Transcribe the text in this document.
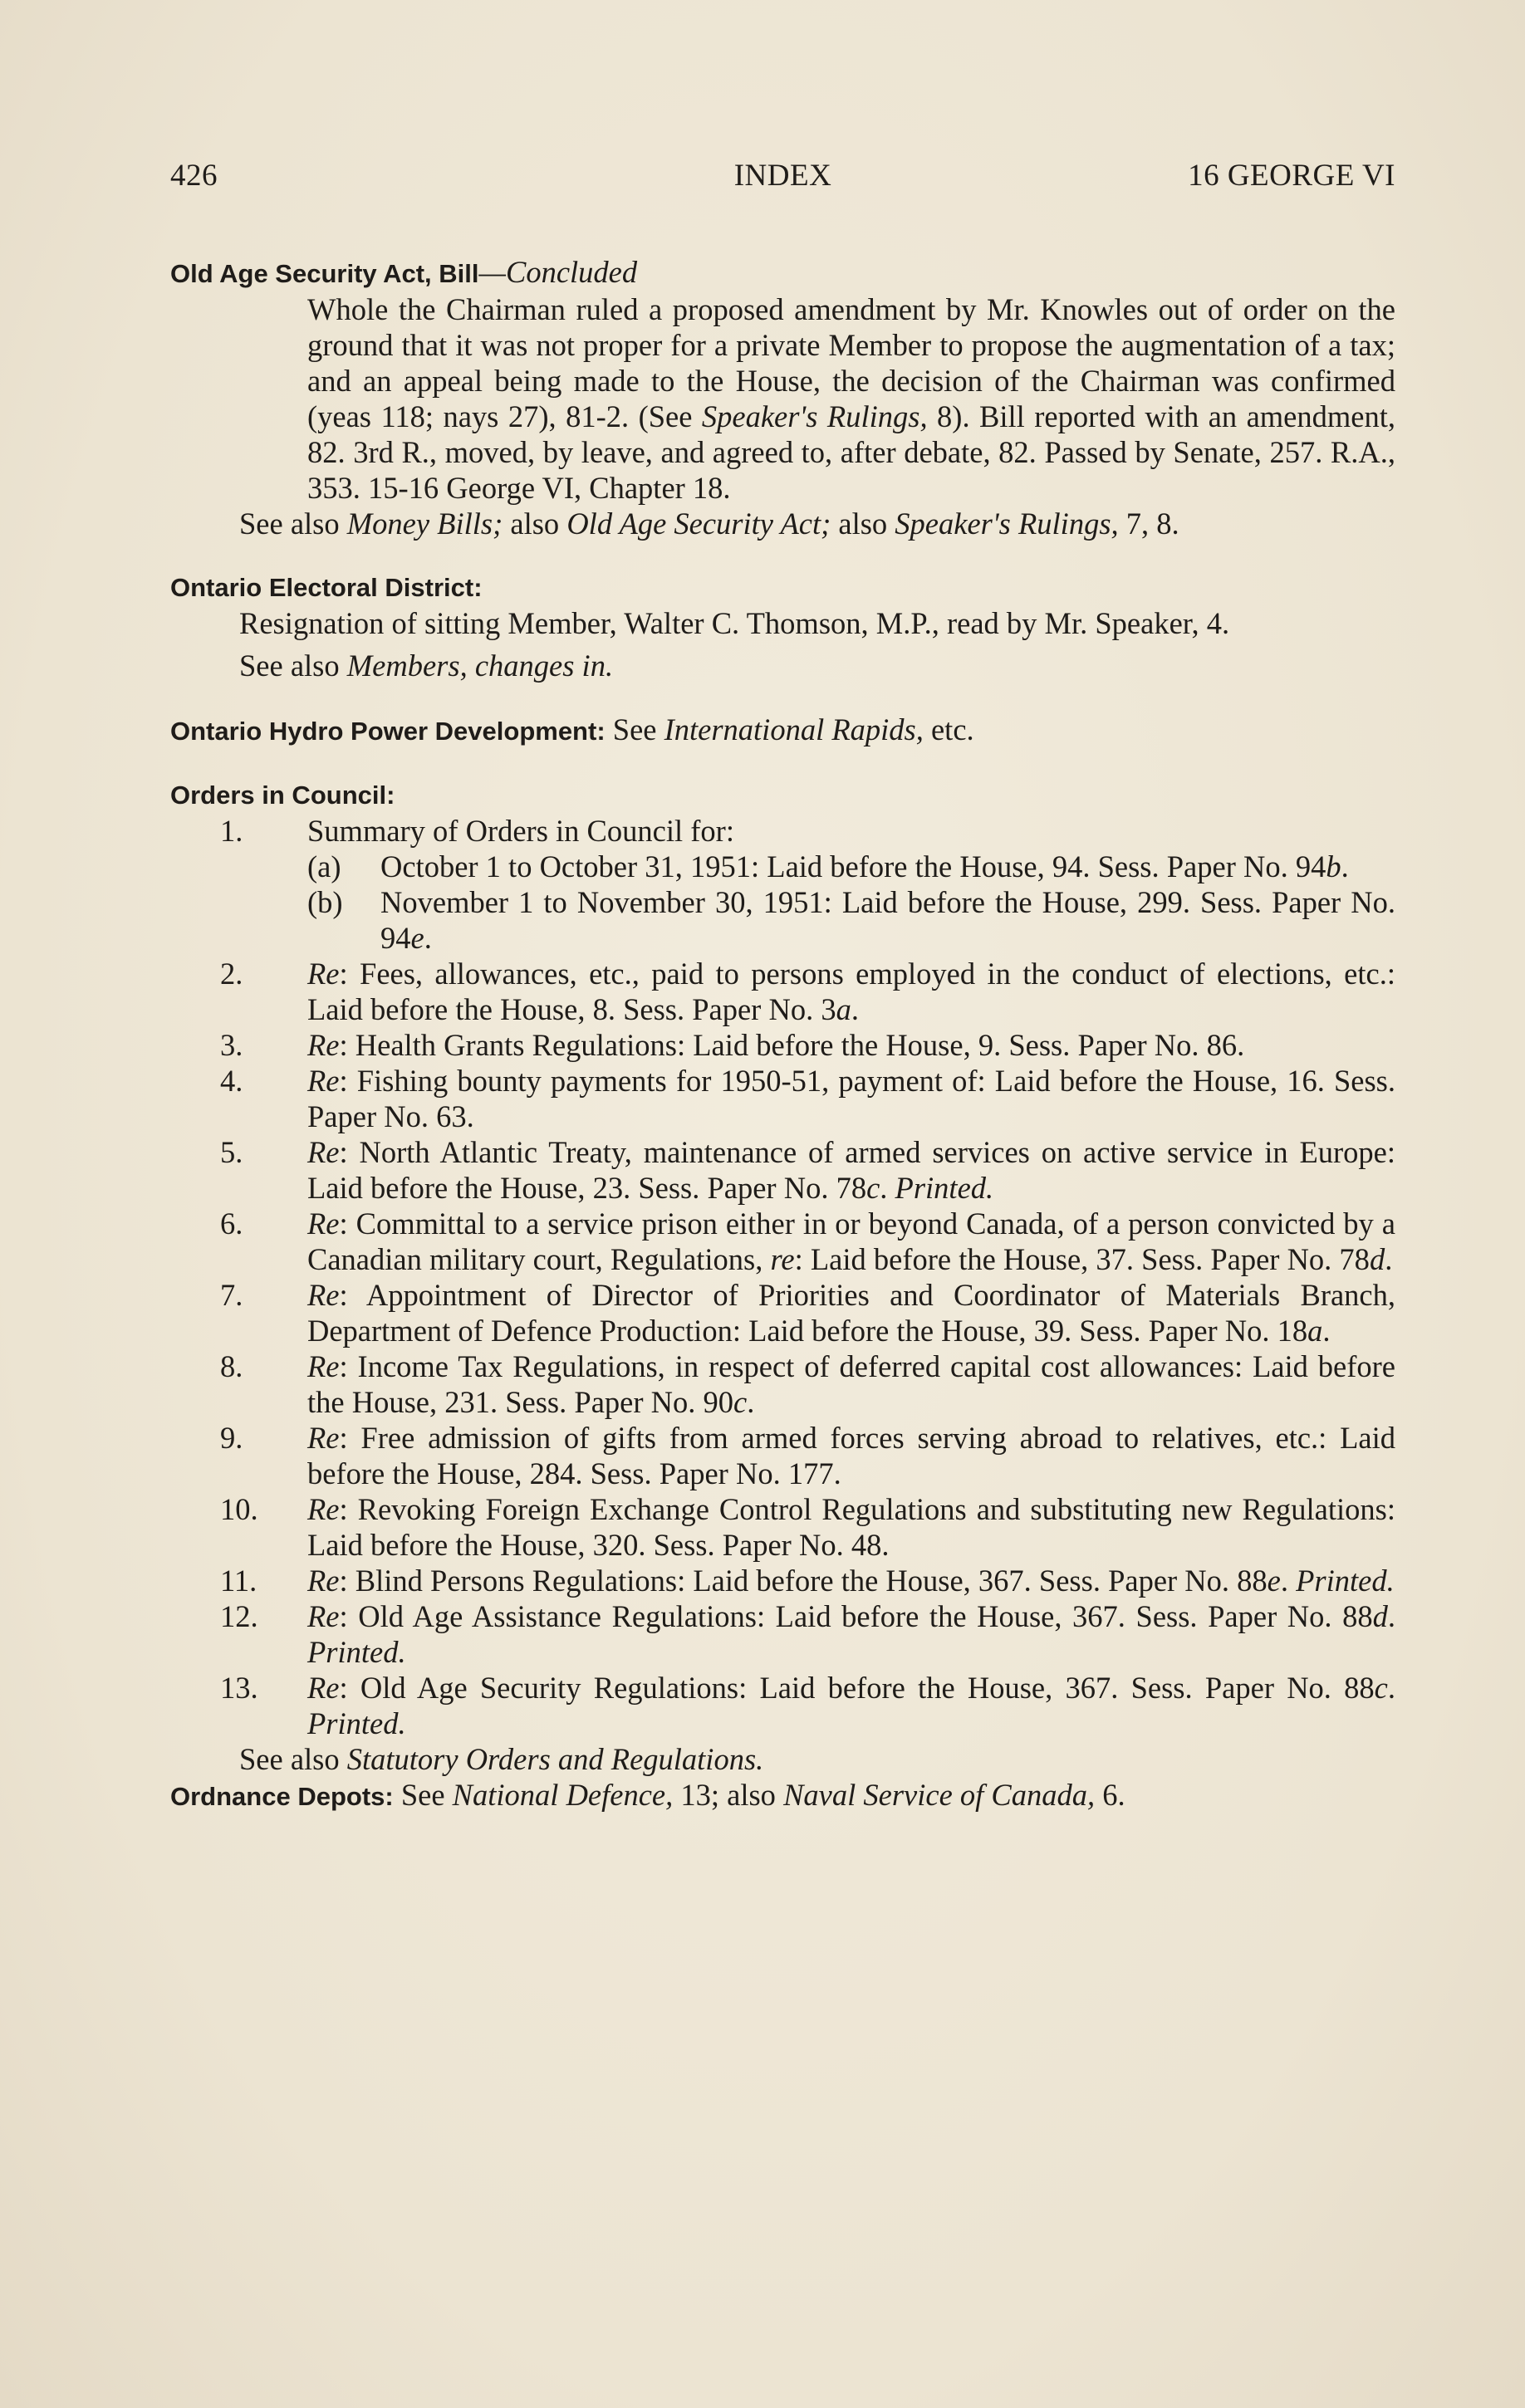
426	INDEX	16 GEORGE VI
Old Age Security Act, Bill—Concluded

Whole the Chairman ruled a proposed amendment by Mr. Knowles out of order on the ground that it was not proper for a private Member to propose the augmentation of a tax; and an appeal being made to the House, the decision of the Chairman was confirmed (yeas 118; nays 27), 81-2. (See Speaker's Rulings, 8). Bill reported with an amendment, 82. 3rd R., moved, by leave, and agreed to, after debate, 82. Passed by Senate, 257. R.A., 353. 15-16 George VI, Chapter 18.

See also Money Bills; also Old Age Security Act; also Speaker's Rulings, 7, 8.

Ontario Electoral District:

Resignation of sitting Member, Walter C. Thomson, M.P., read by Mr. Speaker, 4.

See also Members, changes in.

Ontario Hydro Power Development: See International Rapids, etc.
Orders in Council:
1.	Summary of Orders in Council for:
(a) October 1 to October 31, 1951: Laid before the House, 94. Sess. Paper No. 94b.
(b) November 1 to November 30, 1951: Laid before the House, 299. Sess. Paper No. 94e.
2.	Re: Fees, allowances, etc., paid to persons employed in the conduct of elections, etc.: Laid before the House, 8. Sess. Paper No. 3a.
3.	Re: Health Grants Regulations: Laid before the House, 9. Sess. Paper No. 86.
4.	Re: Fishing bounty payments for 1950-51, payment of: Laid before the House, 16. Sess. Paper No. 63.
5.	Re: North Atlantic Treaty, maintenance of armed services on active service in Europe: Laid before the House, 23. Sess. Paper No. 78c. Printed.
6.	Re: Committal to a service prison either in or beyond Canada, of a person convicted by a Canadian military court, Regulations, re: Laid before the House, 37. Sess. Paper No. 78d.
7.	Re: Appointment of Director of Priorities and Coordinator of Materials Branch, Department of Defence Production: Laid before the House, 39. Sess. Paper No. 18a.
8.	Re: Income Tax Regulations, in respect of deferred capital cost allowances: Laid before the House, 231. Sess. Paper No. 90c.
9.	Re: Free admission of gifts from armed forces serving abroad to relatives, etc.: Laid before the House, 284. Sess. Paper No. 177.
10.	Re: Revoking Foreign Exchange Control Regulations and substituting new Regulations: Laid before the House, 320. Sess. Paper No. 48.
11.	Re: Blind Persons Regulations: Laid before the House, 367. Sess. Paper No. 88e. Printed.
12.	Re: Old Age Assistance Regulations: Laid before the House, 367. Sess. Paper No. 88d. Printed.
13.	Re: Old Age Security Regulations: Laid before the House, 367. Sess. Paper No. 88c. Printed.

See also Statutory Orders and Regulations.

Ordnance Depots: See National Defence, 13; also Naval Service of Canada, 6.
